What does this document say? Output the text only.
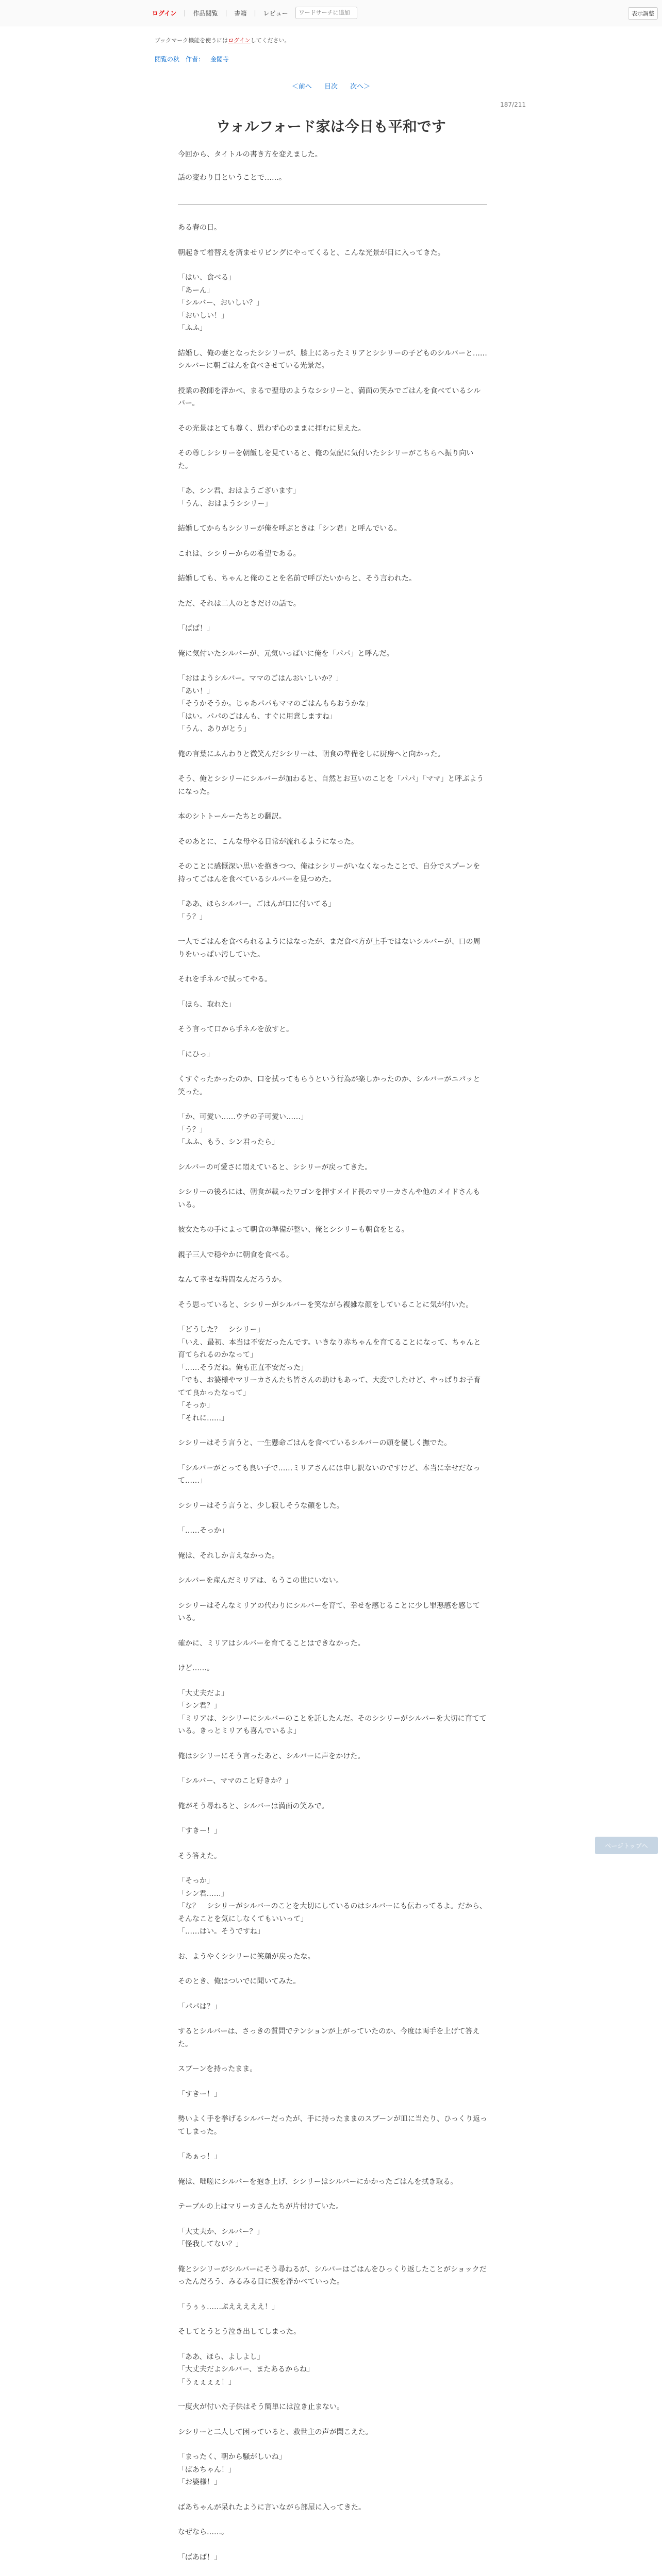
ログイン | 作品閲覧 | 書籍 | レビュー
ワードサーチに追加	表示調整
ブックマーク機能を使うにはログインしてください。
閲覧の秋 作者： 金閣寺
＜前へ 目次 次へ＞
187/211
ウォルフォード家は今日も平和です

今回から、タイトルの書き方を変えました。

話の変わり目ということで……。

ある春の日。

朝起きて着替えを済ませリビングにやってくると、こんな光景が目に入ってきた。

「はい、食べる」
「あーん」
「シルバー、おいしい？」
「おいしい！」
「ふふ」

結婚し、俺の妻となったシシリーが、膝上にあったミリアとシシリーの子どものシルバーと……シルバーに朝ごはんを食べさせている光景だ。

授業の教師を浮かべ、まるで聖母のようなシシリーと、満面の笑みでごはんを食べているシルバー。

その光景はとても尊く、思わず心のままに拝むに見えた。

その尊しシシリーを朝飯しを見ていると、俺の気配に気付いたシシリーがこちらへ振り向いた。

「あ、シン君、おはようございます」
「うん、おはようシシリー」

結婚してからもシシリーが俺を呼ぶときは「シン君」と呼んでいる。

これは、シシリーからの希望である。

結婚しても、ちゃんと俺のことを名前で呼びたいからと、そう言われた。

ただ、それは二人のときだけの話で。

「ぱぱ！」

俺に気付いたシルバーが、元気いっぱいに俺を「パパ」と呼んだ。

「おはようシルバー。ママのごはんおいしいか？」
「あい！」
「そうかそうか。じゃあパパもママのごはんもらおうかな」
「はい。パパのごはんも、すぐに用意しますね」
「うん、ありがとう」

俺の言葉にふんわりと微笑んだシシリーは、朝食の準備をしに厨房へと向かった。

そう、俺とシシリーにシルバーが加わると、自然とお互いのことを「パパ」「ママ」と呼ぶようになった。

本のシトトールーたちとの翻訳。

そのあとに、こんな母やる日常が流れるようになった。

そのことに感慨深い思いを抱きつつ、俺はシシリーがいなくなったことで、自分でスプーンを持ってごはんを食べているシルバーを見つめた。

「ああ、ほらシルバー。ごはんが口に付いてる」
「う？」

一人でごはんを食べられるようにはなったが、まだ食べ方が上手ではないシルバーが、口の周りをいっぱい汚していた。

それを手ネルで拭ってやる。

「ほら、取れた」

そう言って口から手ネルを放すと。

「にひっ」

くすぐったかったのか、口を拭ってもらうという行為が楽しかったのか、シルバーがニパッと笑った。

「か、可愛い……ウチの子可愛い……」
「う？」
「ふふ、もう、シン君ったら」

シルバーの可愛さに悶えていると、シシリーが戻ってきた。

シシリーの後ろには、朝食が載ったワゴンを押すメイド長のマリーカさんや他のメイドさんもいる。

彼女たちの手によって朝食の準備が整い、俺とシシリーも朝食をとる。

親子三人で穏やかに朝食を食べる。

なんて幸せな時間なんだろうか。

そう思っていると、シシリーがシルバーを笑ながら複雑な顔をしていることに気が付いた。

「どうした？　シシリー」
「いえ、最初、本当は不安だったんです。いきなり赤ちゃんを育てることになって、ちゃんと育てられるのかなって」
「……そうだね。俺も正直不安だった」
「でも、お婆様やマリーカさんたち皆さんの助けもあって、大変でしたけど、やっぱりお子育てて良かったなって」
「そっか」
「それに……」

シシリーはそう言うと、一生懸命ごはんを食べているシルバーの頭を優しく撫でた。

「シルバーがとっても良い子で……ミリアさんには申し訳ないのですけど、本当に幸せだなって……」

シシリーはそう言うと、少し寂しそうな顔をした。

「……そっか」

俺は、それしか言えなかった。

シルバーを産んだミリアは、もうこの世にいない。

シシリーはそんなミリアの代わりにシルバーを育て、幸せを感じることに少し罪悪感を感じている。

確かに、ミリアはシルバーを育てることはできなかった。

けど……。

「大丈夫だよ」
「シン君？」
「ミリアは、シシリーにシルバーのことを託したんだ。そのシシリーがシルバーを大切に育てている。きっとミリアも喜んでいるよ」

俺はシシリーにそう言ったあと、シルバーに声をかけた。

「シルバー、ママのこと好きか？」

俺がそう尋ねると、シルバーは満面の笑みで。

「すきー！」

そう答えた。

「そっか」
「シン君……」
「な？　シシリーがシルバーのことを大切にしているのはシルバーにも伝わってるよ。だから、そんなことを気にしなくてもいいって」
「……はい。そうですね」

お、ようやくシシリーに笑顔が戻ったな。

そのとき、俺はついでに聞いてみた。

「パパは？」

するとシルバーは、さっきの質問でテンションが上がっていたのか、今度は両手を上げて答えた。

スプーンを持ったまま。

「すきー！」

勢いよく手を挙げるシルバーだったが、手に持ったままのスプーンが皿に当たり、ひっくり返ってしまった。

「あぁっ！」

俺は、咄嗟にシルバーを抱き上げ、シシリーはシルバーにかかったごはんを拭き取る。

テーブルの上はマリーカさんたちが片付けていた。

「大丈夫か、シルバー？」
「怪我してない？」

俺とシシリーがシルバーにそう尋ねるが、シルバーはごはんをひっくり返したことがショックだったんだろう、みるみる目に涙を浮かべていった。

「うぅぅ……ぷえええええ！」

そしてとうとう泣き出してしまった。

「ああ、ほら、よしよし」
「大丈夫だよシルバー、またあるからね」
「うぇぇぇぇ！」

一度火が付いた子供はそう簡単には泣き止まない。

シシリーと二人して困っていると、救世主の声が聞こえた。

「まったく、朝から騒がしいね」
「ばあちゃん！」
「お婆様！」

ばあちゃんが呆れたように言いながら部屋に入ってきた。

なぜなら……。

「ばあば！」

ページトップへ
